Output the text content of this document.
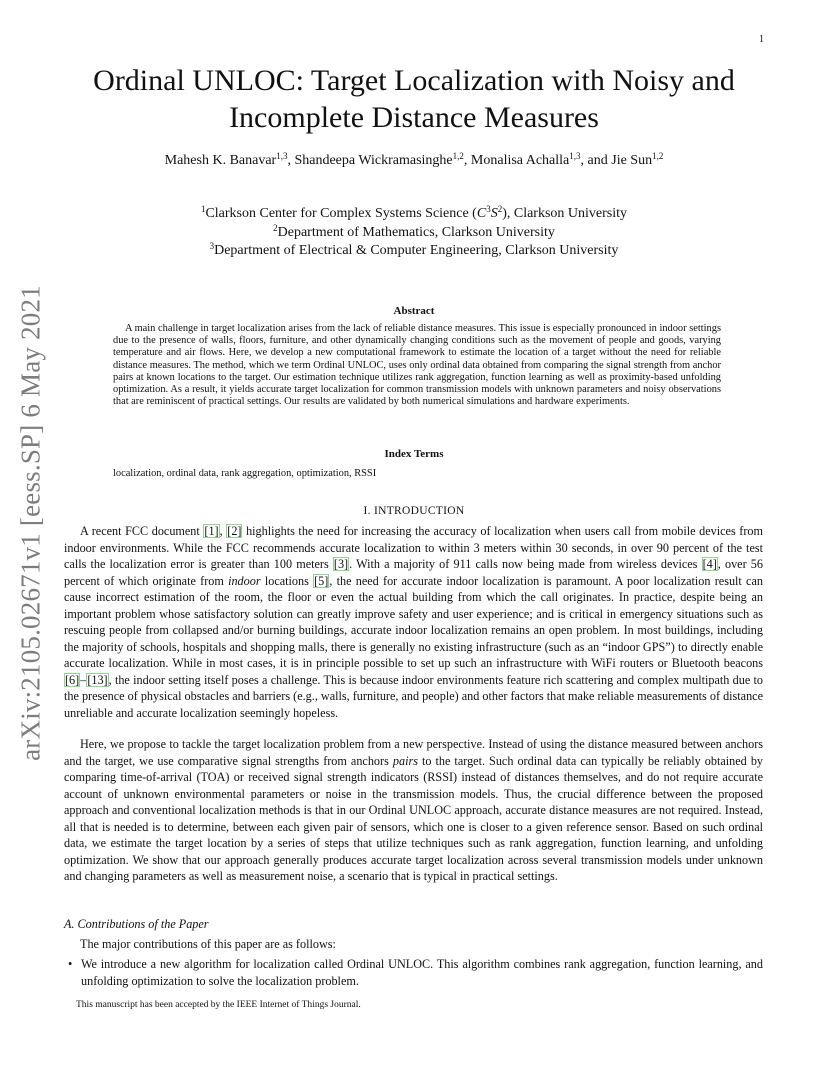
1
arXiv:2105.02671v1 [eess.SP] 6 May 2021
Ordinal UNLOC: Target Localization with Noisy and Incomplete Distance Measures
Mahesh K. Banavar$^{1,3}$, Shandeepa Wickramasinghe$^{1,2}$, Monalisa Achalla$^{1,3}$, and Jie Sun$^{1,2}$
$^1$Clarkson Center for Complex Systems Science $(C^3S^2)$, Clarkson University
$^2$Department of Mathematics, Clarkson University
$^3$Department of Electrical & Computer Engineering, Clarkson University
Abstract

A main challenge in target localization arises from the lack of reliable distance measures. This issue is especially pronounced in indoor settings due to the presence of walls, floors, furniture, and other dynamically changing conditions such as the movement of people and goods, varying temperature and air flows. Here, we develop a new computational framework to estimate the location of a target without the need for reliable distance measures. The method, which we term Ordinal UNLOC, uses only ordinal data obtained from comparing the signal strength from anchor pairs at known locations to the target. Our estimation technique utilizes rank aggregation, function learning as well as proximity-based unfolding optimization. As a result, it yields accurate target localization for common transmission models with unknown parameters and noisy observations that are reminiscent of practical settings. Our results are validated by both numerical simulations and hardware experiments.

Index Terms
localization, ordinal data, rank aggregation, optimization, RSSI
I. INTRODUCTION

A recent FCC document [1], [2] highlights the need for increasing the accuracy of localization when users call from mobile devices from indoor environments. While the FCC recommends accurate localization to within 3 meters within 30 seconds, in over 90 percent of the test calls the localization error is greater than 100 meters [3]. With a majority of 911 calls now being made from wireless devices [4], over 56 percent of which originate from indoor locations [5], the need for accurate indoor localization is paramount. A poor localization result can cause incorrect estimation of the room, the floor or even the actual building from which the call originates. In practice, despite being an important problem whose satisfactory solution can greatly improve safety and user experience; and is critical in emergency situations such as rescuing people from collapsed and/or burning buildings, accurate indoor localization remains an open problem. In most buildings, including the majority of schools, hospitals and shopping malls, there is generally no existing infrastructure (such as an “indoor GPS”) to directly enable accurate localization. While in most cases, it is in principle possible to set up such an infrastructure with WiFi routers or Bluetooth beacons [6]–[13], the indoor setting itself poses a challenge. This is because indoor environments feature rich scattering and complex multipath due to the presence of physical obstacles and barriers (e.g., walls, furniture, and people) and other factors that make reliable measurements of distance unreliable and accurate localization seemingly hopeless.

Here, we propose to tackle the target localization problem from a new perspective. Instead of using the distance measured between anchors and the target, we use comparative signal strengths from anchors pairs to the target. Such ordinal data can typically be reliably obtained by comparing time-of-arrival (TOA) or received signal strength indicators (RSSI) instead of distances themselves, and do not require accurate account of unknown environmental parameters or noise in the transmission models. Thus, the crucial difference between the proposed approach and conventional localization methods is that in our Ordinal UNLOC approach, accurate distance measures are not required. Instead, all that is needed is to determine, between each given pair of sensors, which one is closer to a given reference sensor. Based on such ordinal data, we estimate the target location by a series of steps that utilize techniques such as rank aggregation, function learning, and unfolding optimization. We show that our approach generally produces accurate target localization across several transmission models under unknown and changing parameters as well as measurement noise, a scenario that is typical in practical settings.

A. Contributions of the Paper

The major contributions of this paper are as follows:

• We introduce a new algorithm for localization called Ordinal UNLOC. This algorithm combines rank aggregation, function learning, and unfolding optimization to solve the localization problem.
This manuscript has been accepted by the IEEE Internet of Things Journal.
